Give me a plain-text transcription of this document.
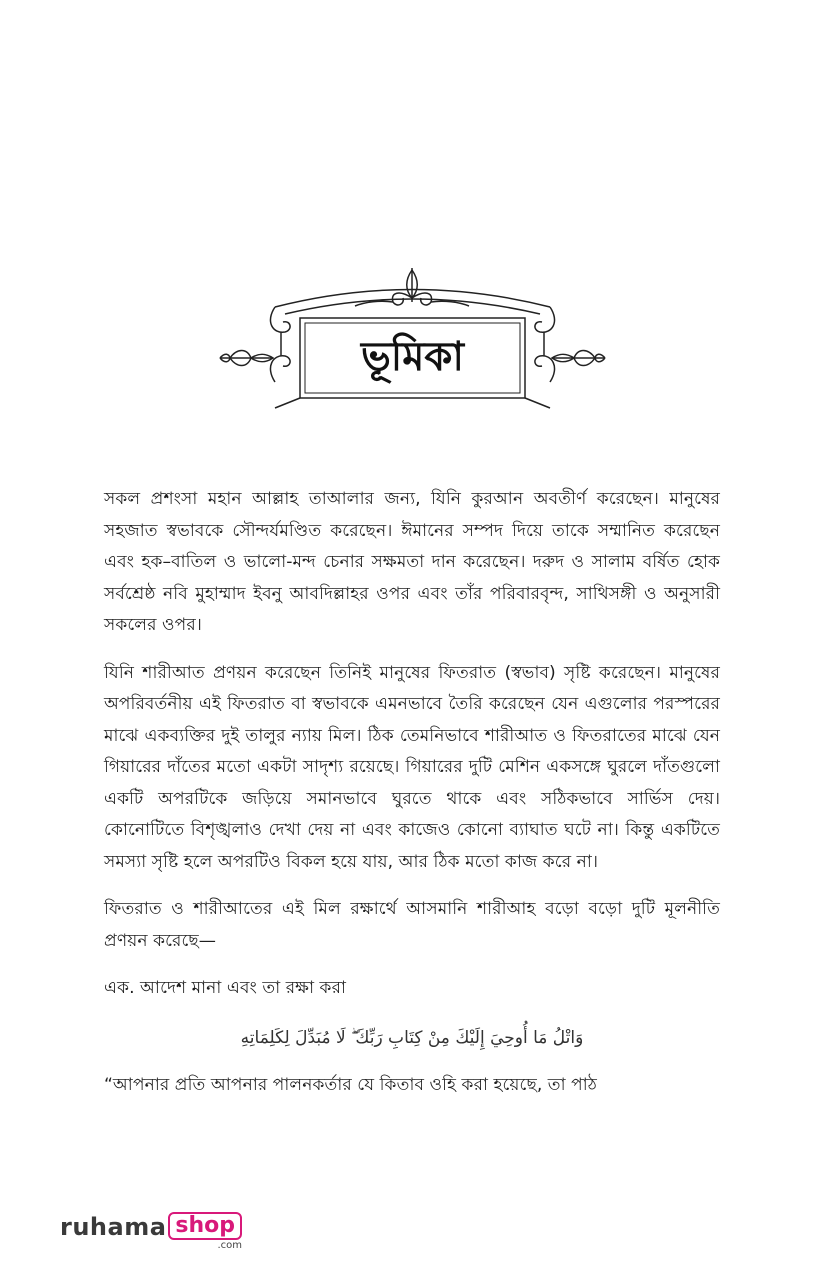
ভূমিকা

সকল প্রশংসা মহান আল্লাহ তাআলার জন্য, যিনি কুরআন অবতীর্ণ করেছেন। মানুষের সহজাত স্বভাবকে সৌন্দর্যমণ্ডিত করেছেন। ঈমানের সম্পদ দিয়ে তাকে সম্মানিত করেছেন এবং হক–বাতিল ও ভালো-মন্দ চেনার সক্ষমতা দান করেছেন। দরুদ ও সালাম বর্ষিত হোক সর্বশ্রেষ্ঠ নবি মুহাম্মাদ ইবনু আবদিল্লাহর ওপর এবং তাঁর পরিবারবৃন্দ, সাথিসঙ্গী ও অনুসারী সকলের ওপর।

যিনি শারীআত প্রণয়ন করেছেন তিনিই মানুষের ফিতরাত (স্বভাব) সৃষ্টি করেছেন। মানুষের অপরিবর্তনীয় এই ফিতরাত বা স্বভাবকে এমনভাবে তৈরি করেছেন যেন এগুলোর পরস্পরের মাঝে একব্যক্তির দুই তালুর ন্যায় মিল। ঠিক তেমনিভাবে শারীআত ও ফিতরাতের মাঝে যেন গিয়ারের দাঁতের মতো একটা সাদৃশ্য রয়েছে। গিয়ারের দুটি মেশিন একসঙ্গে ঘুরলে দাঁতগুলো একটি অপরটিকে জড়িয়ে সমানভাবে ঘুরতে থাকে এবং সঠিকভাবে সার্ভিস দেয়। কোনোটিতে বিশৃঙ্খলাও দেখা দেয় না এবং কাজেও কোনো ব্যাঘাত ঘটে না। কিন্তু একটিতে সমস্যা সৃষ্টি হলে অপরটিও বিকল হয়ে যায়, আর ঠিক মতো কাজ করে না।

ফিতরাত ও শারীআতের এই মিল রক্ষার্থে আসমানি শারীআহ বড়ো বড়ো দুটি মূলনীতি প্রণয়ন করেছে—

এক. আদেশ মানা এবং তা রক্ষা করা

وَاتْلُ مَا أُوحِيَ إِلَيْكَ مِنْ كِتَابِ رَبِّكَ ۖ لَا مُبَدِّلَ لِكَلِمَاتِهِ

“আপনার প্রতি আপনার পালনকর্তার যে কিতাব ওহি করা হয়েছে, তা পাঠ

ruhama shop
.com
